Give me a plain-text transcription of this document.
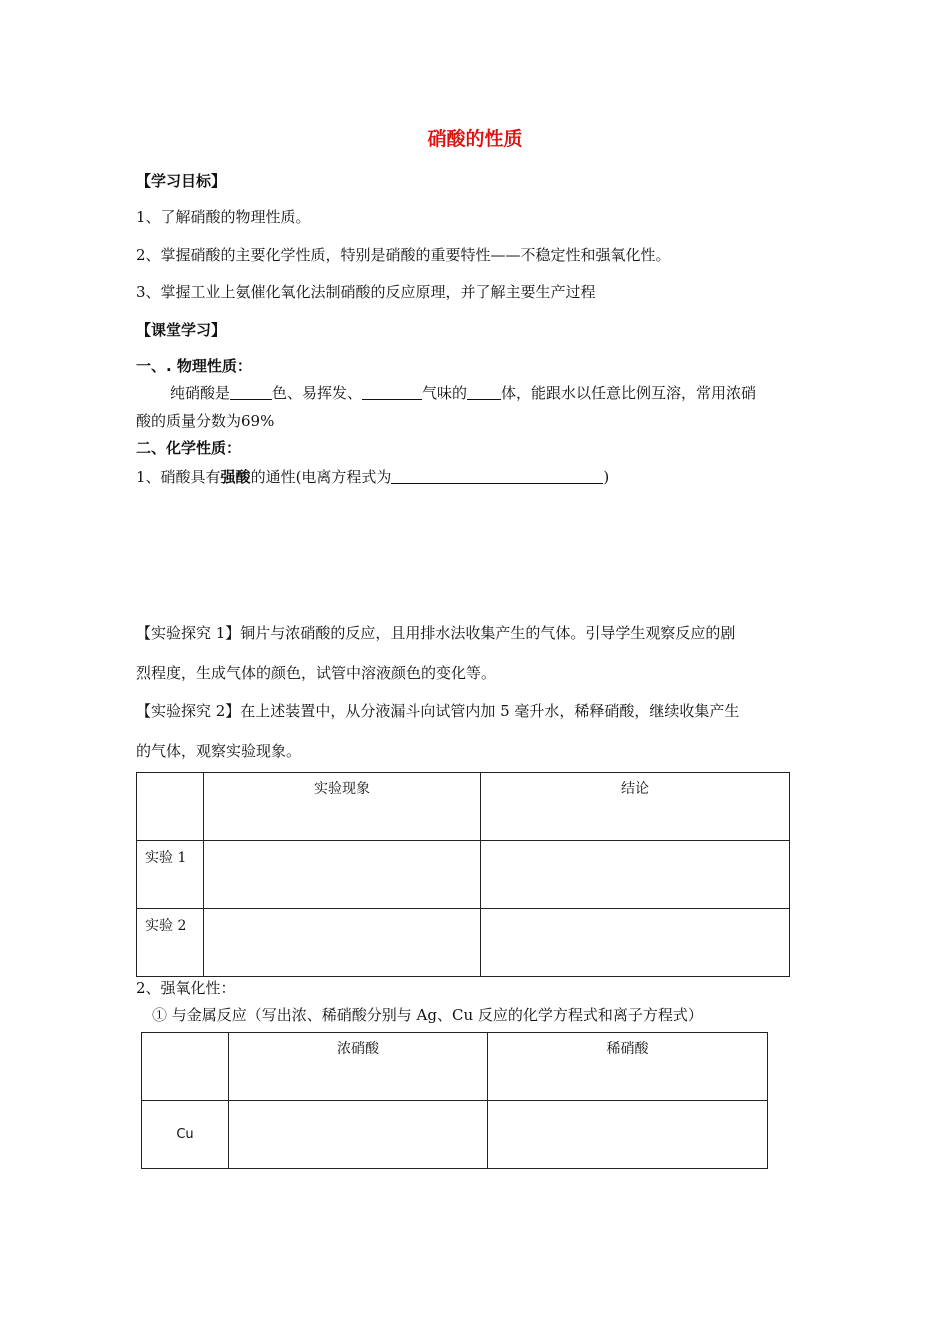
硝酸的性质
【学习目标】
1、了解硝酸的物理性质。
2、掌握硝酸的主要化学性质，特别是硝酸的重要特性——不稳定性和强氧化性。
3、掌握工业上氨催化氧化法制硝酸的反应原理，并了解主要生产过程
【课堂学习】
一、. 物理性质：
纯硝酸是	色、易挥发、	气味的 体，能跟水以任意比例互溶，常用浓硝
酸的质量分数为69%
二、化学性质：
1、硝酸具有强酸的通性(电离方程式为	)
【实验探究 1】铜片与浓硝酸的反应，且用排水法收集产生的气体。引导学生观察反应的剧
烈程度，生成气体的颜色，试管中溶液颜色的变化等。
【实验探究 2】在上述装置中，从分液漏斗向试管内加 5 毫升水，稀释硝酸，继续收集产生
的气体，观察实验现象。
	实验现象	结论
实验 1		
实验 2		
2、强氧化性：
① 与金属反应（写出浓、稀硝酸分别与 Ag、Cu 反应的化学方程式和离子方程式）
	浓硝酸	稀硝酸
Cu		
